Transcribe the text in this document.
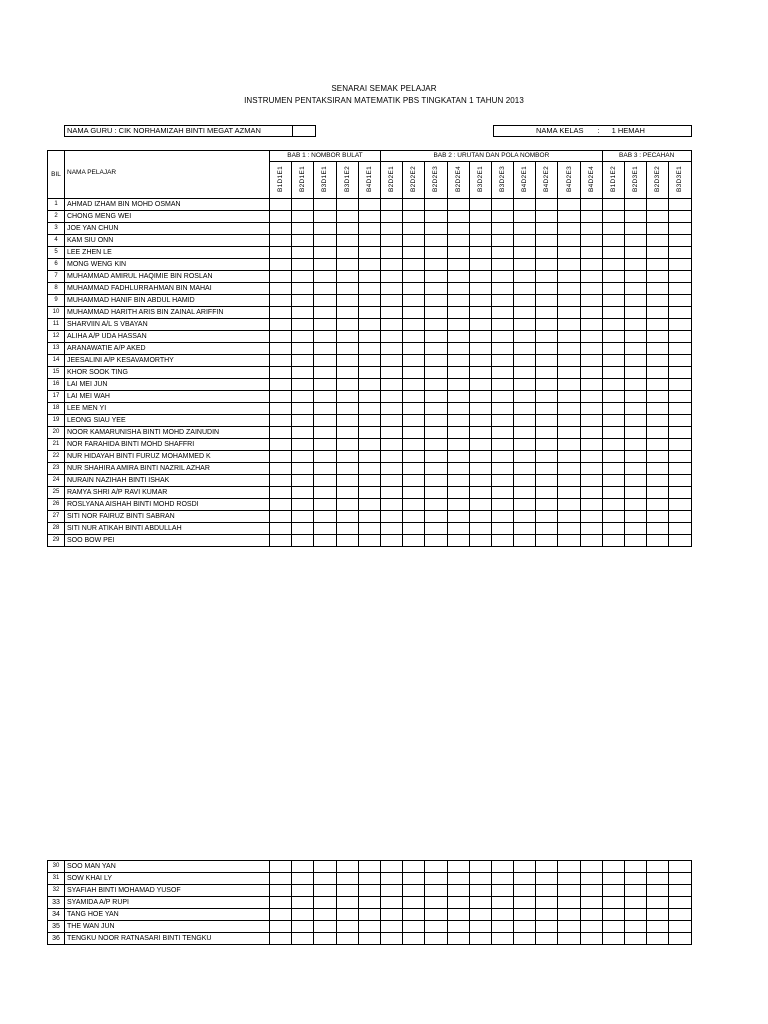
SENARAI SEMAK PELAJAR
INSTRUMEN PENTAKSIRAN MATEMATIK PBS TINGKATAN 1 TAHUN 2013
NAMA GURU : CIK NORHAMIZAH BINTI MEGAT AZMAN	NAMA KELAS	:	1 HEMAH
BIL	NAMA PELAJAR	BAB 1 : NOMBOR BULAT					BAB 2 : URUTAN DAN POLA NOMBOR										BAB 3 : PECAHAN			
		B1D1E1	B2D1E1	B3D1E1	B3D1E2	B4D1E1	B2D2E1	B2D2E2	B2D2E3	B2D2E4	B3D2E1	B3D2E3	B4D2E1	B4D2E2	B4D2E3	B4D2E4	B1D1E2	B2D3E1	B2D3E2	B3D3E1
1	AHMAD IZHAM BIN MOHD OSMAN																			
2	CHONG MENG WEI																			
3	JOE YAN CHUN																			
4	KAM SIU ONN																			
5	LEE ZHEN LE																			
6	MONG WENG KIN																			
7	MUHAMMAD AMIRUL HAQIMIE BIN ROSLAN																			
8	MUHAMMAD FADHLURRAHMAN BIN MAHAI																			
9	MUHAMMAD HANIF BIN ABDUL HAMID																			
10	MUHAMMAD HARITH ARIS BIN ZAINAL ARIFFIN																			
11	SHARVIIN A/L S VBAYAN																			
12	ALIHA A/P UDA HASSAN																			
13	ARANAWATIE A/P AKED																			
14	JEESALINI A/P KESAVAMORTHY																			
15	KHOR SOOK TING																			
16	LAI MEI JUN																			
17	LAI MEI WAH																			
18	LEE MEN YI																			
19	LEONG SIAU YEE																			
20	NOOR KAMARUNISHA BINTI MOHD ZAINUDIN																			
21	NOR FARAHIDA BINTI MOHD SHAFFRI																			
22	NUR HIDAYAH BINTI FURUZ MOHAMMED K																			
23	NUR SHAHIRA AMIRA BINTI NAZRIL AZHAR																			
24	NURAIN NAZIHAH BINTI ISHAK																			
25	RAMYA SHRI A/P RAVI KUMAR																			
26	ROSLYANA AISHAH BINTI MOHD ROSDI																			
27	SITI NOR FAIRUZ BINTI SABRAN																			
28	SITI NUR ATIKAH BINTI ABDULLAH																			
29	SOO BOW PEI																			
30	SOO MAN YAN																			
31	SOW KHAI LY																			
32	SYAFIAH BINTI MOHAMAD YUSOF																			
33	SYAMIDA A/P RUPI																			
34	TANG HOE YAN																			
35	THE WAN JUN																			
36	TENGKU NOOR RATNASARI BINTI TENGKU																			
